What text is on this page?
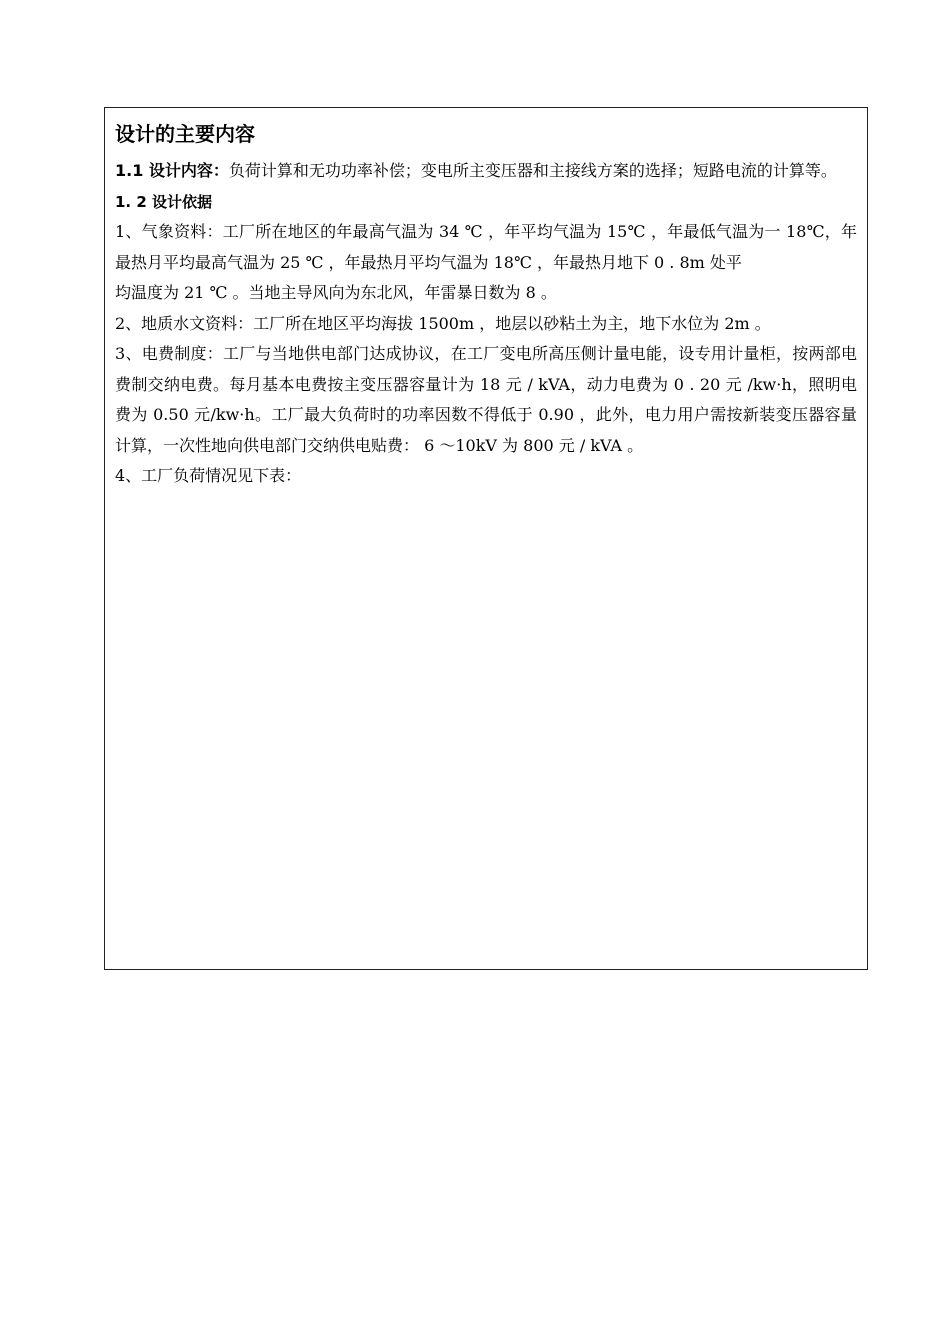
设计的主要内容

1.1 设计内容：负荷计算和无功功率补偿；变电所主变压器和主接线方案的选择；短路电流的计算等。

1. 2 设计依据

1、气象资料：工厂所在地区的年最高气温为 34 ℃ ，年平均气温为 15℃ ，年最低气温为一 18℃，年最热月平均最高气温为 25 ℃ ，年最热月平均气温为 18℃ ，年最热月地下 0 . 8m 处平

均温度为 21 ℃ 。当地主导风向为东北风，年雷暴日数为 8 。

2、地质水文资料：工厂所在地区平均海拔 1500m ，地层以砂粘土为主，地下水位为 2m 。

3、电费制度：工厂与当地供电部门达成协议，在工厂变电所高压侧计量电能，设专用计量柜，按两部电费制交纳电费。每月基本电费按主变压器容量计为 18 元 / kVA，动力电费为 0 . 20 元 /kw·h，照明电费为 0.50 元/kw·h。工厂最大负荷时的功率因数不得低于 0.90 ，此外，电力用户需按新装变压器容量计算，一次性地向供电部门交纳供电贴费： 6 ～10kV 为 800 元 / kVA 。

4、工厂负荷情况见下表：
